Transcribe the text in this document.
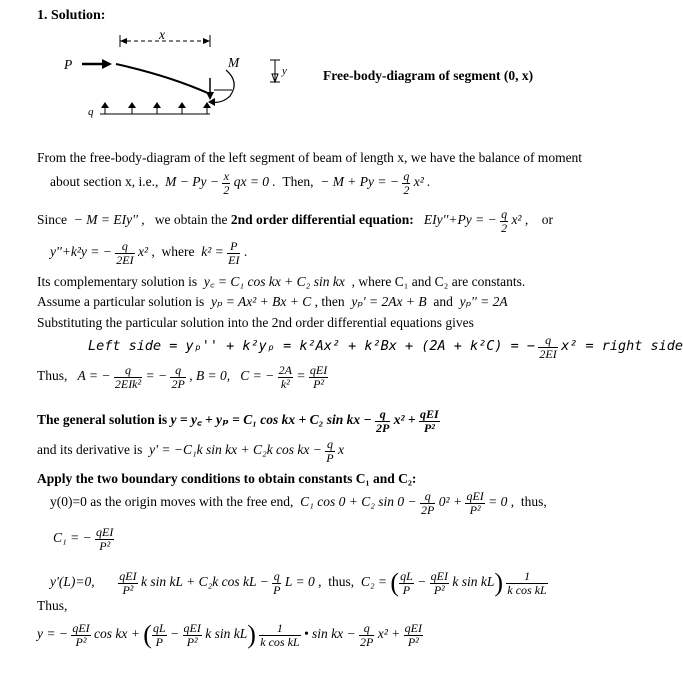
1. Solution:
P
x
M
y
q
Free-body-diagram of segment (0, x)
From the free-body-diagram of the left segment of beam of length x, we have the balance of moment
about section x, i.e., $M - Py - \frac{x}{2}$ qx = 0 . Then, − M + Py = − $\frac{q}{2} x^2$ .
Since − M = EIy'' , we obtain the 2nd order differential equation: EIy''+Py = − $\frac{q}{2} x^2$ , or
y''+k²y = − $\frac{q}{2EI} x^2$ , where $k^2 = \frac{P}{EI}$ .
Its complementary solution is y꜀ = C₁ cos kx + C₂ sin kx , where C₁ and C₂ are constants.
Assume a particular solution is yₚ = Ax² + Bx + C , then yₚ' = 2Ax + B and yₚ'' = 2A
Substituting the particular solution into the 2nd order differential equations gives
Left side = yₚ'' + k²yₚ = k²Ax² + k²Bx + (2A + k²C) = − $\frac{q}{2EI} x^2$ = right side
Thus, A = − $\frac{q}{\text{2EIk²}}$ = − $\frac{q}{2P}$ , B = 0, C = − $\frac{2A}{\text{k²}} = \frac{\text{qEI}}{\text{P²}}$
The general solution is y = y꜀ + yₚ = C₁ cos kx + C₂ sin kx − $\frac{q}{2P} x^2 + \frac{\text{qEI}}{\text{P²}}$
and its derivative is y' = −C₁k sin kx + C₂k cos kx − $\frac{q}{P}$ x
Apply the two boundary conditions to obtain constants C₁ and C₂:
y(0)=0 as the origin moves with the free end, C₁ cos 0 + C₂ $\sin 0 - \frac{q}{2P} 0^2 + \frac{\text{qEI}}{\text{P²}} = 0$ , thus,
C₁ = − $\frac{\text{qEI}}{\text{P²}}$
y'(L)=0, $\frac{\text{qEI}}{\text{P²}}$ k sin kL + C₂k cos kL − $\frac{q}{P}$ L = 0 , thus, C₂ = ( $\frac{qL}{P} - \frac{\text{qEI}}{\text{P²}}$ k $\sin kL) \frac{1}{\text{k cos kL}}$
Thus,
y = − $\frac{\text{qEI}}{\text{P²}}$ cos kx + ( $\frac{qL}{P} - \frac{\text{qEI}}{\text{P²}}$ k $\sin kL) \frac{1}{\text{k cos kL}}$ • sin kx − $\frac{q}{2P} x^2 + \frac{\text{qEI}}{\text{P²}}$
